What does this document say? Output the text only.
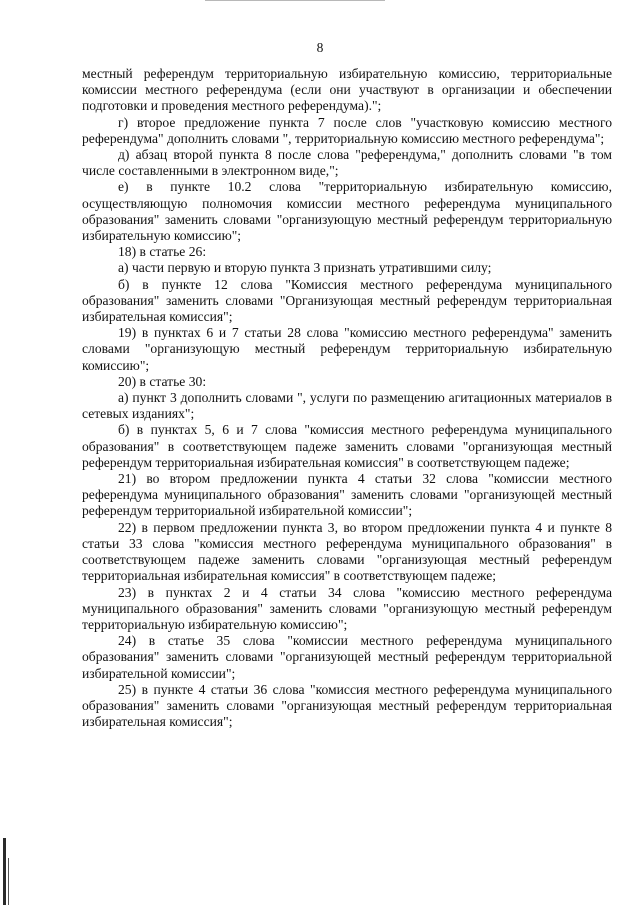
8

местный референдум территориальную избирательную комиссию, территориальные комиссии местного референдума (если они участвуют в организации и обеспечении подготовки и проведения местного референдума).";

г) второе предложение пункта 7 после слов "участковую комиссию местного референдума" дополнить словами ", территориальную комиссию местного референдума";

д) абзац второй пункта 8 после слова "референдума," дополнить словами "в том числе составленными в электронном виде,";

е) в пункте 10.2 слова "территориальную избирательную комиссию, осуществляющую полномочия комиссии местного референдума муниципального образования" заменить словами "организующую местный референдум территориальную избирательную комиссию";

18) в статье 26:

а) части первую и вторую пункта 3 признать утратившими силу;

б) в пункте 12 слова "Комиссия местного референдума муниципального образования" заменить словами "Организующая местный референдум территориальная избирательная комиссия";

19) в пунктах 6 и 7 статьи 28 слова "комиссию местного референдума" заменить словами "организующую местный референдум территориальную избирательную комиссию";

20) в статье 30:

а) пункт 3 дополнить словами ", услуги по размещению агитационных материалов в сетевых изданиях";

б) в пунктах 5, 6 и 7 слова "комиссия местного референдума муниципального образования" в соответствующем падеже заменить словами "организующая местный референдум территориальная избирательная комиссия" в соответствующем падеже;

21) во втором предложении пункта 4 статьи 32 слова "комиссии местного референдума муниципального образования" заменить словами "организующей местный референдум территориальной избирательной комиссии";

22) в первом предложении пункта 3, во втором предложении пункта 4 и пункте 8 статьи 33 слова "комиссия местного референдума муниципального образования" в соответствующем падеже заменить словами "организующая местный референдум территориальная избирательная комиссия" в соответствующем падеже;

23) в пунктах 2 и 4 статьи 34 слова "комиссию местного референдума муниципального образования" заменить словами "организующую местный референдум территориальную избирательную комиссию";

24) в статье 35 слова "комиссии местного референдума муниципального образования" заменить словами "организующей местный референдум территориальной избирательной комиссии";

25) в пункте 4 статьи 36 слова "комиссия местного референдума муниципального образования" заменить словами "организующая местный референдум территориальная избирательная комиссия";
